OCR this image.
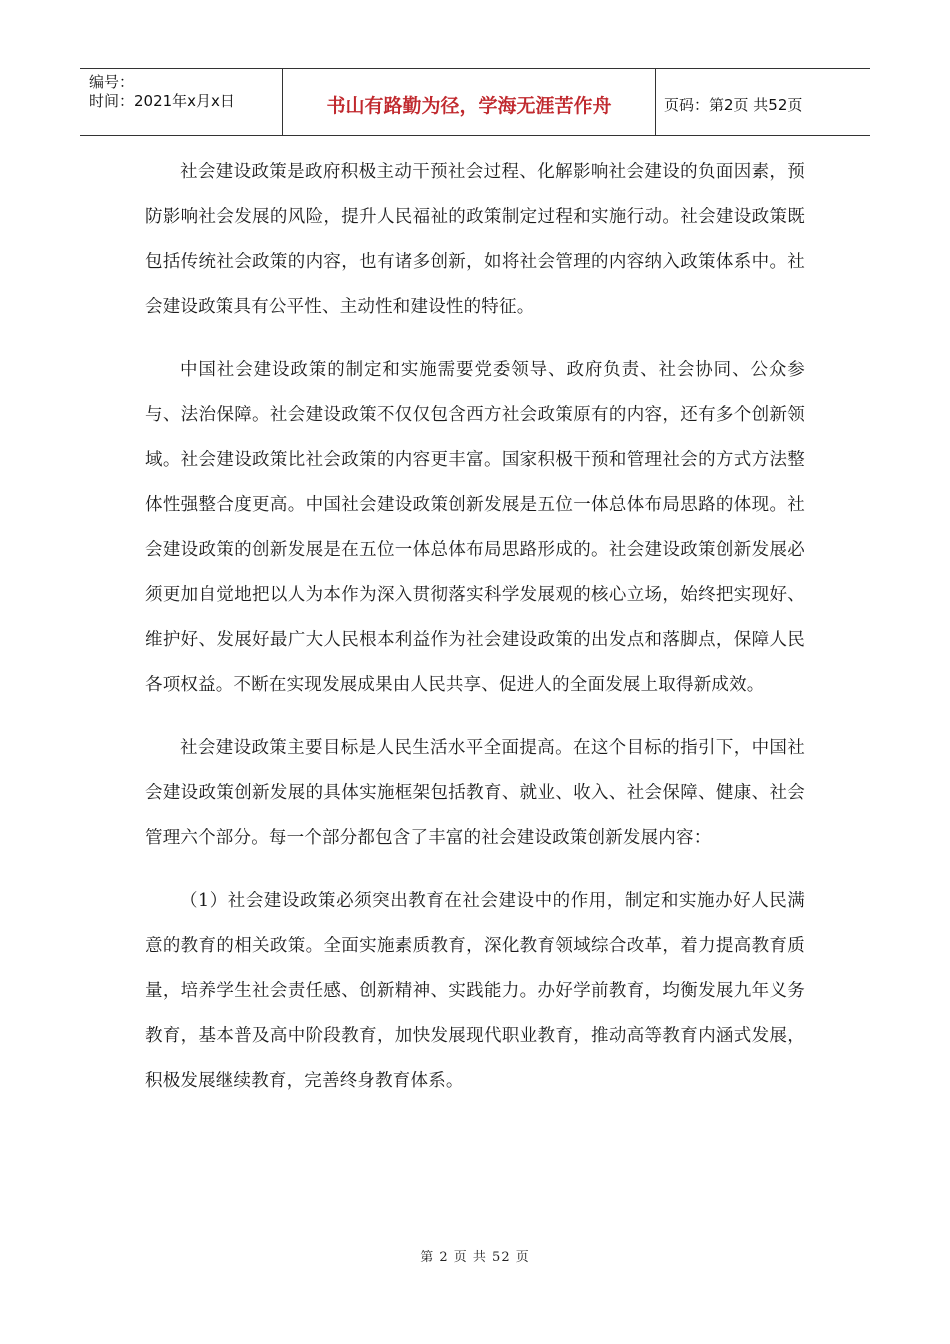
编号：
时间：2021年x月x日	书山有路勤为径，学海无涯苦作舟	页码：第2页 共52页

社会建设政策是政府积极主动干预社会过程、化解影响社会建设的负面因素，预防影响社会发展的风险，提升人民福祉的政策制定过程和实施行动。社会建设政策既包括传统社会政策的内容，也有诸多创新，如将社会管理的内容纳入政策体系中。社会建设政策具有公平性、主动性和建设性的特征。

中国社会建设政策的制定和实施需要党委领导、政府负责、社会协同、公众参与、法治保障。社会建设政策不仅仅包含西方社会政策原有的内容，还有多个创新领域。社会建设政策比社会政策的内容更丰富。国家积极干预和管理社会的方式方法整体性强整合度更高。中国社会建设政策创新发展是五位一体总体布局思路的体现。社会建设政策的创新发展是在五位一体总体布局思路形成的。社会建设政策创新发展必须更加自觉地把以人为本作为深入贯彻落实科学发展观的核心立场，始终把实现好、维护好、发展好最广大人民根本利益作为社会建设政策的出发点和落脚点，保障人民各项权益。不断在实现发展成果由人民共享、促进人的全面发展上取得新成效。

社会建设政策主要目标是人民生活水平全面提高。在这个目标的指引下，中国社会建设政策创新发展的具体实施框架包括教育、就业、收入、社会保障、健康、社会管理六个部分。每一个部分都包含了丰富的社会建设政策创新发展内容：

（1）社会建设政策必须突出教育在社会建设中的作用，制定和实施办好人民满意的教育的相关政策。全面实施素质教育，深化教育领域综合改革，着力提高教育质量，培养学生社会责任感、创新精神、实践能力。办好学前教育，均衡发展九年义务教育，基本普及高中阶段教育，加快发展现代职业教育，推动高等教育内涵式发展，积极发展继续教育，完善终身教育体系。

第 2 页 共 52 页
